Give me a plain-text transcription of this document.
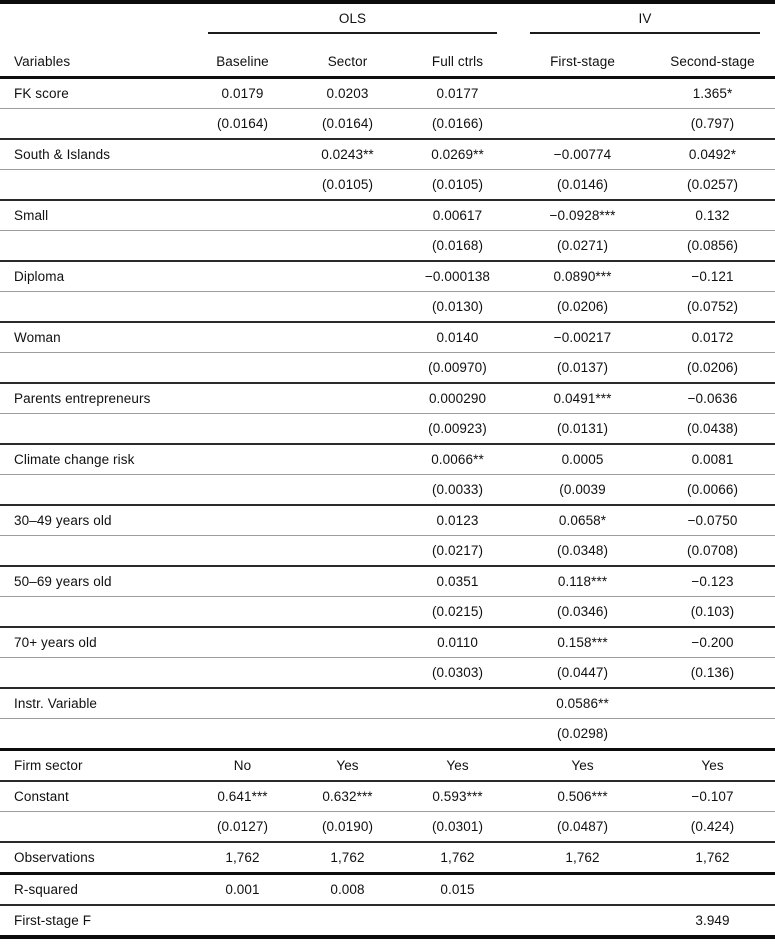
	OLS			IV	

Variables	Baseline	Sector	Full ctrls	First-stage	Second-stage
FK score	0.0179	0.0203	0.0177		1.365*
	(0.0164)	(0.0164)	(0.0166)		(0.797)
South & Islands		0.0243**	0.0269**	−0.00774	0.0492*
		(0.0105)	(0.0105)	(0.0146)	(0.0257)
Small			0.00617	−0.0928***	0.132
			(0.0168)	(0.0271)	(0.0856)
Diploma			−0.000138	0.0890***	−0.121
			(0.0130)	(0.0206)	(0.0752)
Woman			0.0140	−0.00217	0.0172
			(0.00970)	(0.0137)	(0.0206)
Parents entrepreneurs			0.000290	0.0491***	−0.0636
			(0.00923)	(0.0131)	(0.0438)
Climate change risk			0.0066**	0.0005	0.0081
			(0.0033)	(0.0039	(0.0066)
30–49 years old			0.0123	0.0658*	−0.0750
			(0.0217)	(0.0348)	(0.0708)
50–69 years old			0.0351	0.118***	−0.123
			(0.0215)	(0.0346)	(0.103)
70+ years old			0.0110	0.158***	−0.200
			(0.0303)	(0.0447)	(0.136)
Instr. Variable				0.0586**	
				(0.0298)	
Firm sector	No	Yes	Yes	Yes	Yes
Constant	0.641***	0.632***	0.593***	0.506***	−0.107
	(0.0127)	(0.0190)	(0.0301)	(0.0487)	(0.424)
Observations	1,762	1,762	1,762	1,762	1,762
R-squared	0.001	0.008	0.015		
First-stage F					3.949
